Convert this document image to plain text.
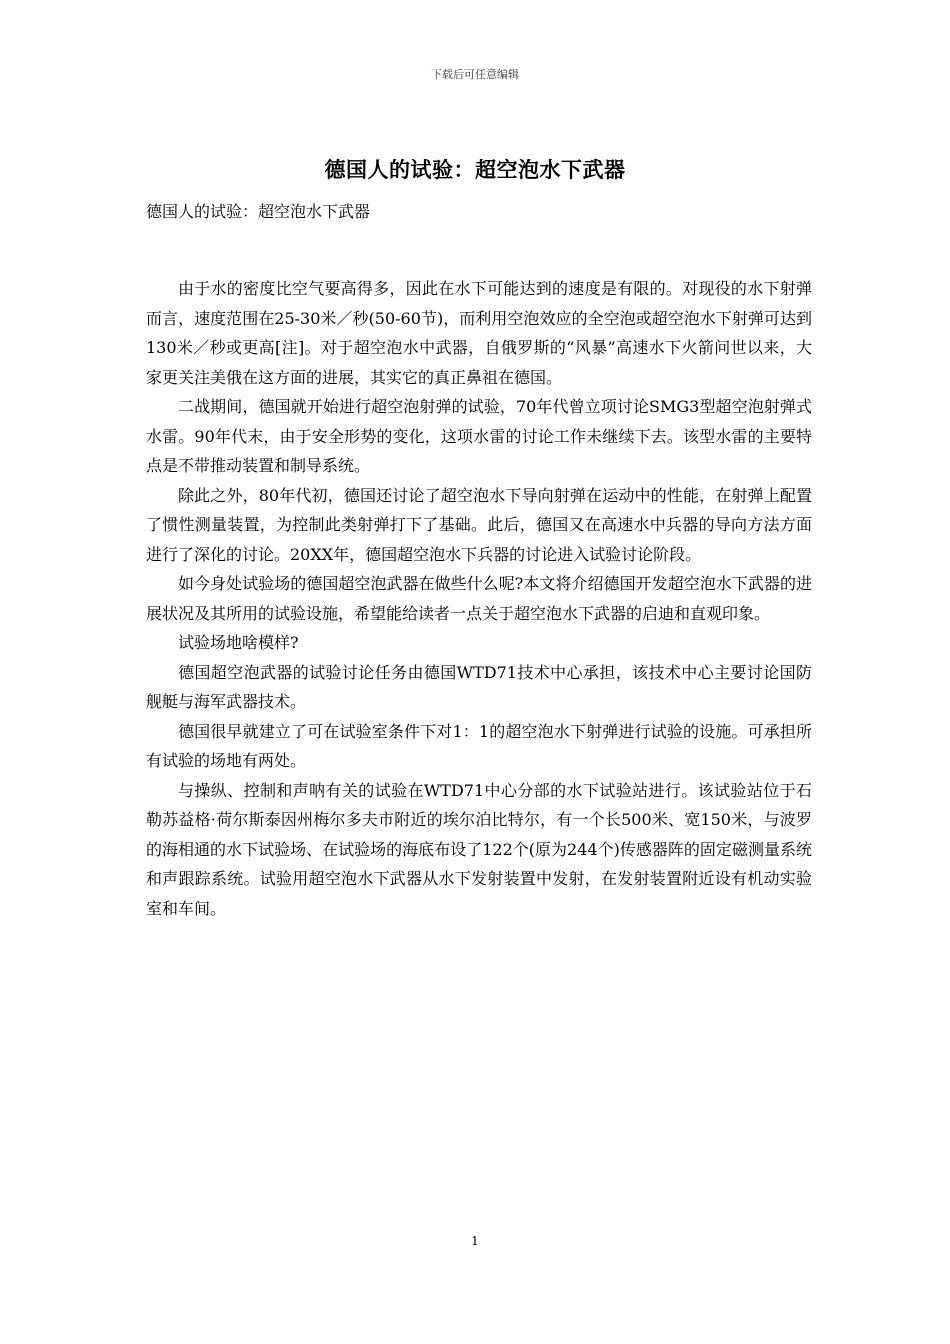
下载后可任意编辑
德国人的试验：超空泡水下武器
德国人的试验：超空泡水下武器

由于水的密度比空气要高得多，因此在水下可能达到的速度是有限的。对现役的水下射弹而言，速度范围在25-30米／秒(50-60节)，而利用空泡效应的全空泡或超空泡水下射弹可达到130米／秒或更高[注]。对于超空泡水中武器，自俄罗斯的“风暴”高速水下火箭问世以来，大家更关注美俄在这方面的进展，其实它的真正鼻祖在德国。

二战期间，德国就开始进行超空泡射弹的试验，70年代曾立项讨论SMG3型超空泡射弹式水雷。90年代末，由于安全形势的变化，这项水雷的讨论工作未继续下去。该型水雷的主要特点是不带推动装置和制导系统。

除此之外，80年代初，德国还讨论了超空泡水下导向射弹在运动中的性能，在射弹上配置了惯性测量装置，为控制此类射弹打下了基础。此后，德国又在高速水中兵器的导向方法方面进行了深化的讨论。20XX年，德国超空泡水下兵器的讨论进入试验讨论阶段。

如今身处试验场的德国超空泡武器在做些什么呢?本文将介绍德国开发超空泡水下武器的进展状况及其所用的试验设施，希望能给读者一点关于超空泡水下武器的启迪和直观印象。

试验场地啥模样?

德国超空泡武器的试验讨论任务由德国WTD71技术中心承担，该技术中心主要讨论国防舰艇与海军武器技术。

德国很早就建立了可在试验室条件下对1：1的超空泡水下射弹进行试验的设施。可承担所有试验的场地有两处。

与操纵、控制和声呐有关的试验在WTD71中心分部的水下试验站进行。该试验站位于石勒苏益格·荷尔斯泰因州梅尔多夫市附近的埃尔泊比特尔，有一个长500米、宽150米，与波罗的海相通的水下试验场、在试验场的海底布设了122个(原为244个)传感器阵的固定磁测量系统和声跟踪系统。试验用超空泡水下武器从水下发射装置中发射，在发射装置附近设有机动实验室和车间。

1
